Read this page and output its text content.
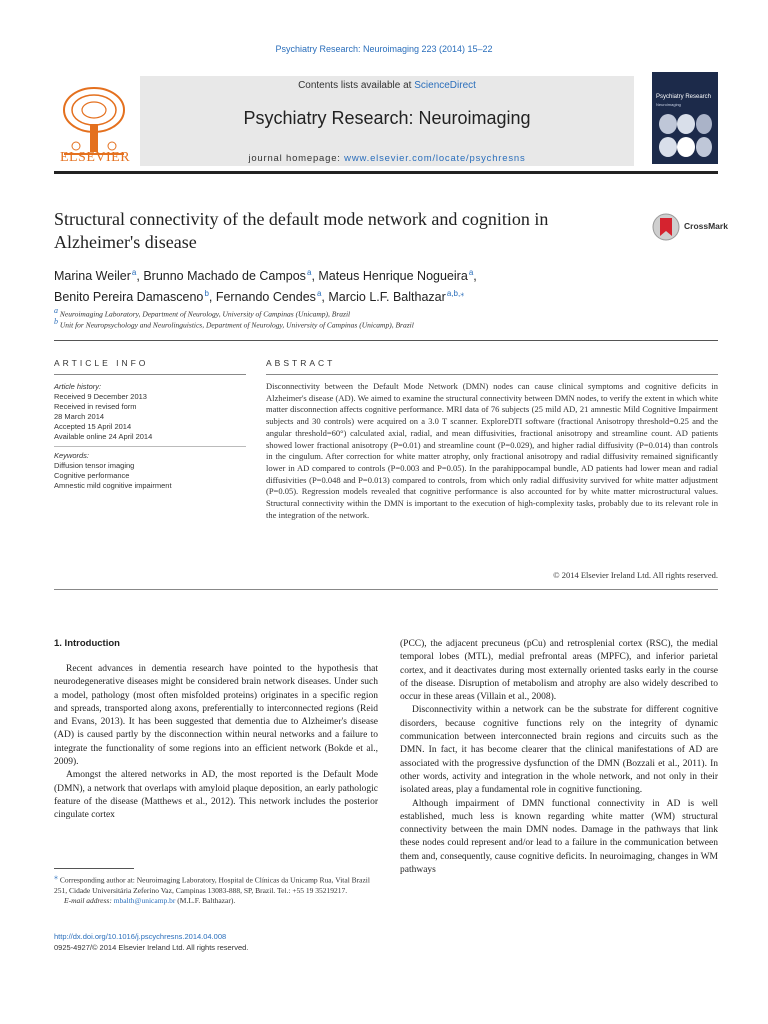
Psychiatry Research: Neuroimaging 223 (2014) 15–22
ELSEVIER
Contents lists available at ScienceDirect
Psychiatry Research: Neuroimaging
journal homepage: www.elsevier.com/locate/psychresns
Psychiatry Research
Neuroimaging
Structural connectivity of the default mode network and cognition in Alzheimer's disease
CrossMark
Marina Weiler $^a$, Brunno Machado de Campos $^a$, Mateus Henrique Nogueira $^a$,
Benito Pereira Damasceno $^b$, Fernando Cendes $^a$, Marcio L.F. Balthazar $^{a,b,⁎}$
$^a$ Neuroimaging Laboratory, Department of Neurology, University of Campinas (Unicamp), Brazil
$^b$ Unit for Neuropsychology and Neurolinguistics, Department of Neurology, University of Campinas (Unicamp), Brazil
ARTICLE INFO	ABSTRACT
Article history:
Received 9 December 2013
Received in revised form
28 March 2014
Accepted 15 April 2014
Available online 24 April 2014
Keywords:
Diffusion tensor imaging
Cognitive performance
Amnestic mild cognitive impairment
Disconnectivity between the Default Mode Network (DMN) nodes can cause clinical symptoms and cognitive deficits in Alzheimer's disease (AD). We aimed to examine the structural connectivity between DMN nodes, to verify the extent in which white matter disconnection affects cognitive performance. MRI data of 76 subjects (25 mild AD, 21 amnestic Mild Cognitive Impairment subjects and 30 controls) were acquired on a 3.0 T scanner. ExploreDTI software (fractional Anisotropy threshold=0.25 and the angular threshold=60°) calculated axial, radial, and mean diffusivities, fractional anisotropy and streamline count. AD patients showed lower fractional anisotropy (P=0.01) and streamline count (P=0.029), and higher radial diffusivity (P=0.014) than controls in the cingulum. After correction for white matter atrophy, only fractional anisotropy and radial diffusivity remained significantly lower in AD compared to controls (P=0.003 and P=0.05). In the parahippocampal bundle, AD patients had lower mean and radial diffusivities (P=0.048 and P=0.013) compared to controls, from which only radial diffusivity survived for white matter adjustment (P=0.05). Regression models revealed that cognitive performance is also accounted for by white matter microstructural values. Structural connectivity within the DMN is important to the execution of high-complexity tasks, probably due to its relevant role in the integration of the network.
© 2014 Elsevier Ireland Ltd. All rights reserved.
1. Introduction

Recent advances in dementia research have pointed to the hypothesis that neurodegenerative diseases might be considered brain network diseases. Under such a model, pathology (most often misfolded proteins) originates in a specific region and spreads, transported along axons, preferentially to interconnected regions (Reid and Evans, 2013). It has been suggested that dementia due to Alzheimer's disease (AD) is caused partly by the disconnection within neural networks and a failure to integrate the functionality of some regions into an efficient network (Bokde et al., 2009).

Amongst the altered networks in AD, the most reported is the Default Mode (DMN), a network that overlaps with amyloid plaque deposition, an early pathologic feature of the disease (Matthews et al., 2012). This network includes the posterior cingulate cortex

(PCC), the adjacent precuneus (pCu) and retrosplenial cortex (RSC), the medial temporal lobes (MTL), medial prefrontal areas (MPFC), and inferior parietal cortex, and it deactivates during most externally oriented tasks early in the course of the disease. Disruption of metabolism and atrophy are also widely described to occur in these areas (Villain et al., 2008).

Disconnectivity within a network can be the substrate for different cognitive disorders, because cognitive functions rely on the integrity of dynamic communication between interconnected brain regions and circuits such as the DMN. In fact, it has become clearer that the clinical manifestations of AD are associated with the progressive dysfunction of the DMN (Bozzali et al., 2011). In other words, activity and integration in the whole network, and not only in their isolated areas, play a fundamental role in cognitive functioning.

Although impairment of DMN functional connectivity in AD is well established, much less is known regarding white matter (WM) structural connectivity between the main DMN nodes. Damage in the pathways that link these nodes could represent and/or lead to a failure in the communication between them and, consequently, cause cognitive deficits. In neuroimaging, changes in WM pathways

⁎ Corresponding author at: Neuroimaging Laboratory, Hospital de Clínicas da Unicamp Rua, Vital Brazil 251, Cidade Universitária Zeferino Vaz, Campinas 13083-888, SP, Brazil. Tel.: +55 19 35219217.
E-mail address: mbalth@unicamp.br (M.L.F. Balthazar).
http://dx.doi.org/10.1016/j.pscychresns.2014.04.008
0925-4927/© 2014 Elsevier Ireland Ltd. All rights reserved.
